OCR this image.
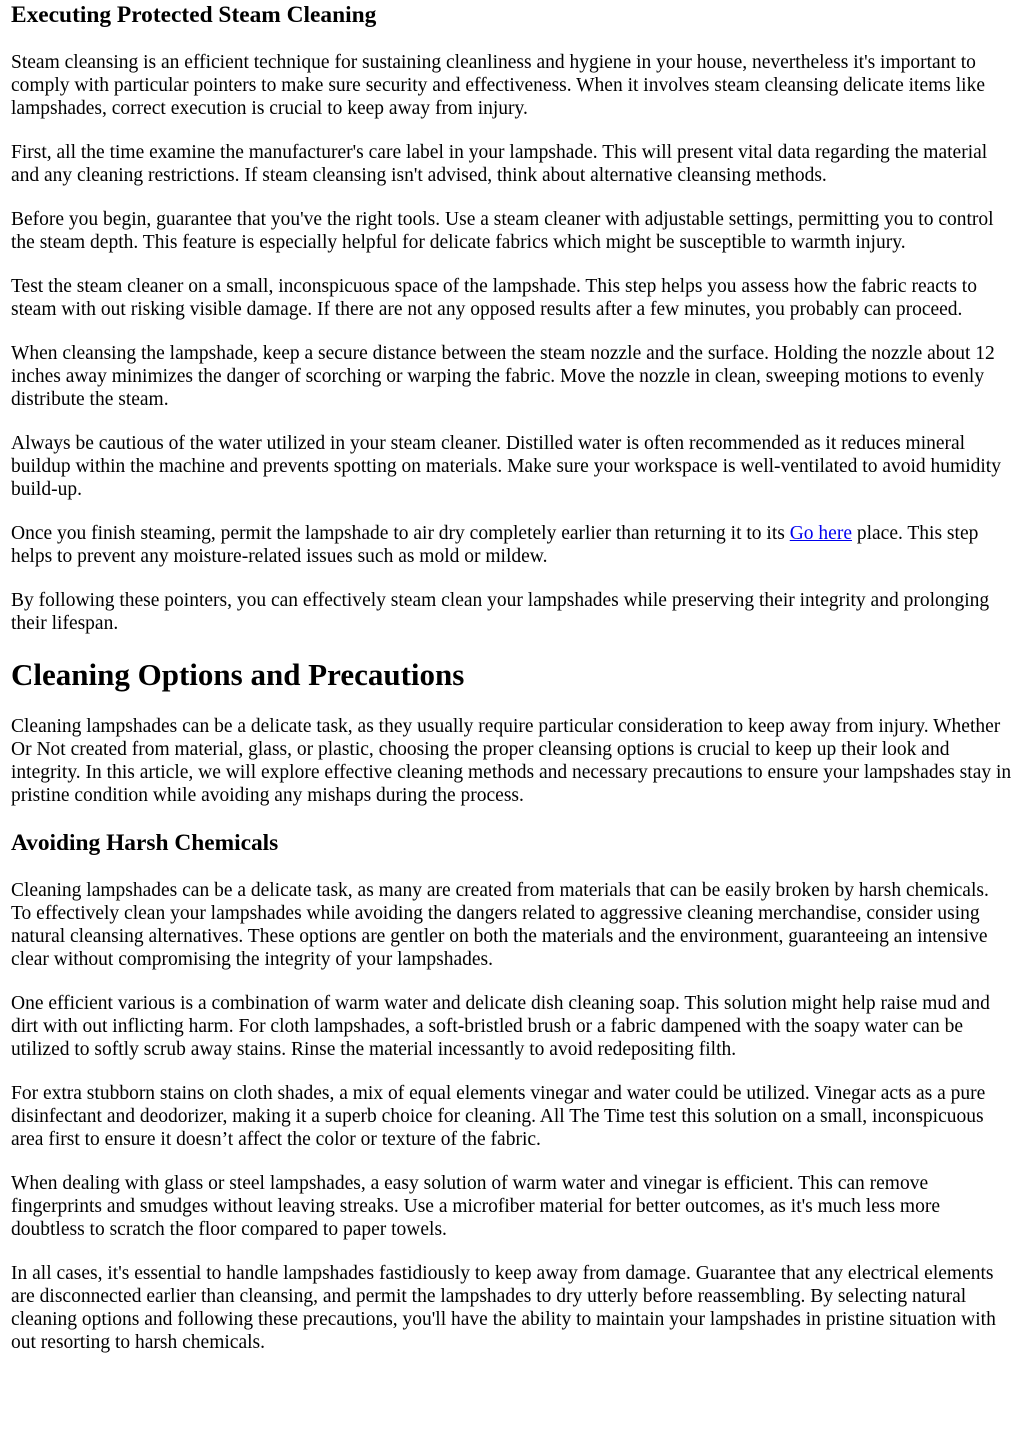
Executing Protected Steam Cleaning

Steam cleansing is an efficient technique for sustaining cleanliness and hygiene in your house, nevertheless it's important to comply with particular pointers to make sure security and effectiveness. When it involves steam cleansing delicate items like lampshades, correct execution is crucial to keep away from injury.

First, all the time examine the manufacturer's care label in your lampshade. This will present vital data regarding the material and any cleaning restrictions. If steam cleansing isn't advised, think about alternative cleansing methods.

Before you begin, guarantee that you've the right tools. Use a steam cleaner with adjustable settings, permitting you to control the steam depth. This feature is especially helpful for delicate fabrics which might be susceptible to warmth injury.

Test the steam cleaner on a small, inconspicuous space of the lampshade. This step helps you assess how the fabric reacts to steam with out risking visible damage. If there are not any opposed results after a few minutes, you probably can proceed.

When cleansing the lampshade, keep a secure distance between the steam nozzle and the surface. Holding the nozzle about 12 inches away minimizes the danger of scorching or warping the fabric. Move the nozzle in clean, sweeping motions to evenly distribute the steam.

Always be cautious of the water utilized in your steam cleaner. Distilled water is often recommended as it reduces mineral buildup within the machine and prevents spotting on materials. Make sure your workspace is well-ventilated to avoid humidity build-up.

Once you finish steaming, permit the lampshade to air dry completely earlier than returning it to its Go here place. This step helps to prevent any moisture-related issues such as mold or mildew.

By following these pointers, you can effectively steam clean your lampshades while preserving their integrity and prolonging their lifespan.

Cleaning Options and Precautions

Cleaning lampshades can be a delicate task, as they usually require particular consideration to keep away from injury. Whether Or Not created from material, glass, or plastic, choosing the proper cleansing options is crucial to keep up their look and integrity. In this article, we will explore effective cleaning methods and necessary precautions to ensure your lampshades stay in pristine condition while avoiding any mishaps during the process.

Avoiding Harsh Chemicals

Cleaning lampshades can be a delicate task, as many are created from materials that can be easily broken by harsh chemicals. To effectively clean your lampshades while avoiding the dangers related to aggressive cleaning merchandise, consider using natural cleansing alternatives. These options are gentler on both the materials and the environment, guaranteeing an intensive clear without compromising the integrity of your lampshades.

One efficient various is a combination of warm water and delicate dish cleaning soap. This solution might help raise mud and dirt with out inflicting harm. For cloth lampshades, a soft-bristled brush or a fabric dampened with the soapy water can be utilized to softly scrub away stains. Rinse the material incessantly to avoid redepositing filth.

For extra stubborn stains on cloth shades, a mix of equal elements vinegar and water could be utilized. Vinegar acts as a pure disinfectant and deodorizer, making it a superb choice for cleaning. All The Time test this solution on a small, inconspicuous area first to ensure it doesn’t affect the color or texture of the fabric.

When dealing with glass or steel lampshades, a easy solution of warm water and vinegar is efficient. This can remove fingerprints and smudges without leaving streaks. Use a microfiber material for better outcomes, as it's much less more doubtless to scratch the floor compared to paper towels.

In all cases, it's essential to handle lampshades fastidiously to keep away from damage. Guarantee that any electrical elements are disconnected earlier than cleansing, and permit the lampshades to dry utterly before reassembling. By selecting natural cleaning options and following these precautions, you'll have the ability to maintain your lampshades in pristine situation with out resorting to harsh chemicals.
